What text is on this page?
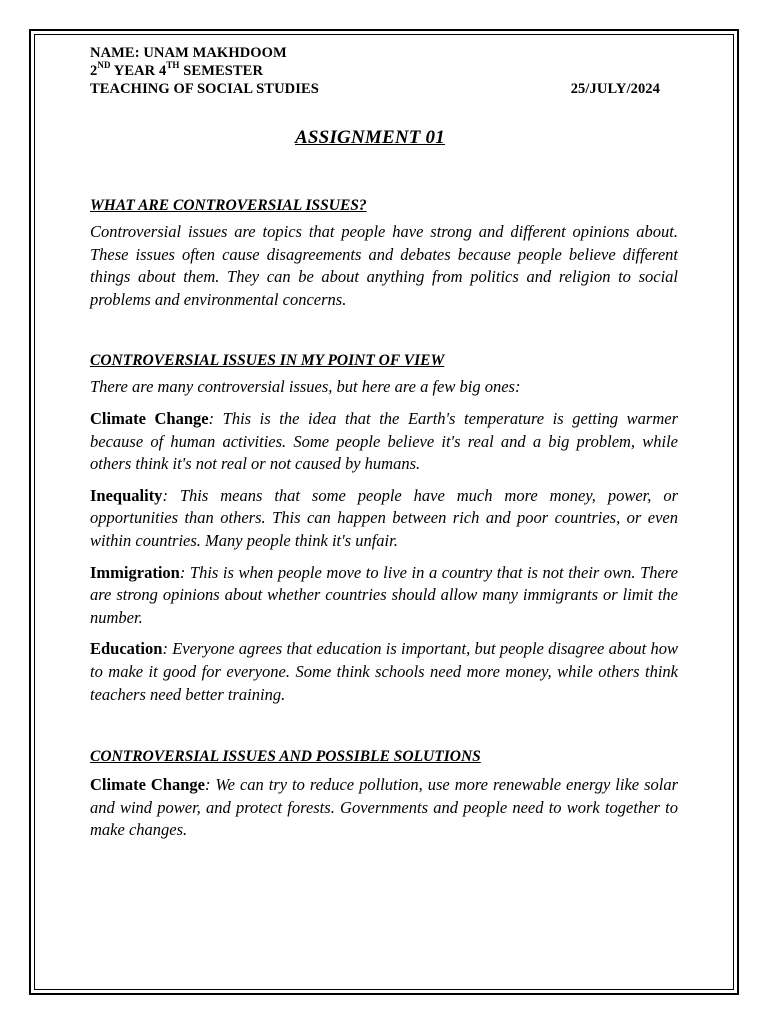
NAME: UNAM MAKHDOOM
2ND YEAR 4TH SEMESTER
TEACHING OF SOCIAL STUDIES	25/JULY/2024
ASSIGNMENT 01
WHAT ARE CONTROVERSIAL ISSUES?
Controversial issues are topics that people have strong and different opinions about. These issues often cause disagreements and debates because people believe different things about them. They can be about anything from politics and religion to social problems and environmental concerns.
CONTROVERSIAL ISSUES IN MY POINT OF VIEW
There are many controversial issues, but here are a few big ones:
Climate Change: This is the idea that the Earth's temperature is getting warmer because of human activities. Some people believe it's real and a big problem, while others think it's not real or not caused by humans.
Inequality: This means that some people have much more money, power, or opportunities than others. This can happen between rich and poor countries, or even within countries. Many people think it's unfair.
Immigration: This is when people move to live in a country that is not their own. There are strong opinions about whether countries should allow many immigrants or limit the number.
Education: Everyone agrees that education is important, but people disagree about how to make it good for everyone. Some think schools need more money, while others think teachers need better training.
CONTROVERSIAL ISSUES AND POSSIBLE SOLUTIONS
Climate Change: We can try to reduce pollution, use more renewable energy like solar and wind power, and protect forests. Governments and people need to work together to make changes.
